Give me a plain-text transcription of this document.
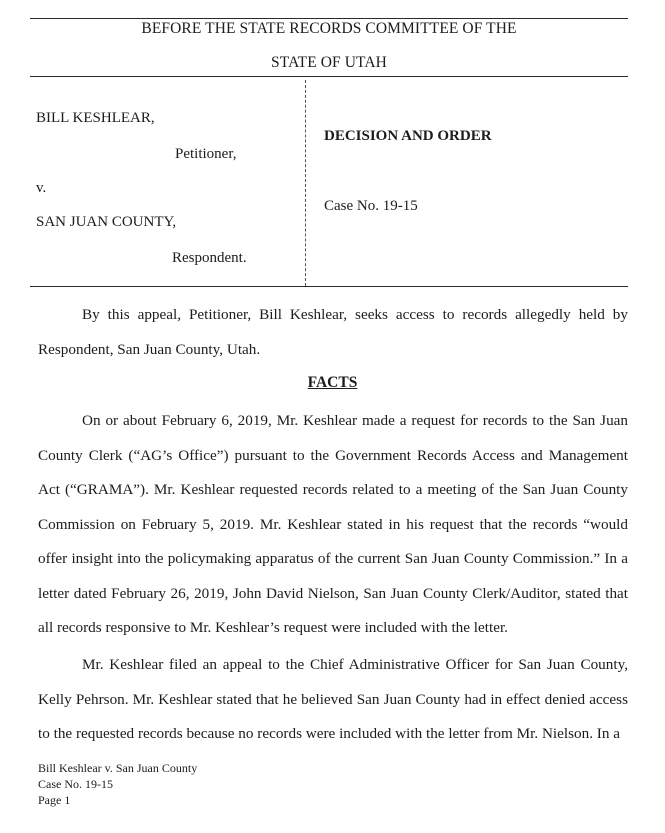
BEFORE THE STATE RECORDS COMMITTEE OF THE
STATE OF UTAH
BILL KESHLEAR,
Petitioner,
v.
SAN JUAN COUNTY,
Respondent.
DECISION AND ORDER
Case No. 19-15
By this appeal, Petitioner, Bill Keshlear, seeks access to records allegedly held by Respondent, San Juan County, Utah.
FACTS
On or about February 6, 2019, Mr. Keshlear made a request for records to the San Juan County Clerk (“AG’s Office”) pursuant to the Government Records Access and Management Act (“GRAMA”). Mr. Keshlear requested records related to a meeting of the San Juan County Commission on February 5, 2019. Mr. Keshlear stated in his request that the records “would offer insight into the policymaking apparatus of the current San Juan County Commission.” In a letter dated February 26, 2019, John David Nielson, San Juan County Clerk/Auditor, stated that all records responsive to Mr. Keshlear’s request were included with the letter.
Mr. Keshlear filed an appeal to the Chief Administrative Officer for San Juan County, Kelly Pehrson. Mr. Keshlear stated that he believed San Juan County had in effect denied access to the requested records because no records were included with the letter from Mr. Nielson. In a
Bill Keshlear v. San Juan County
Case No. 19-15
Page 1
